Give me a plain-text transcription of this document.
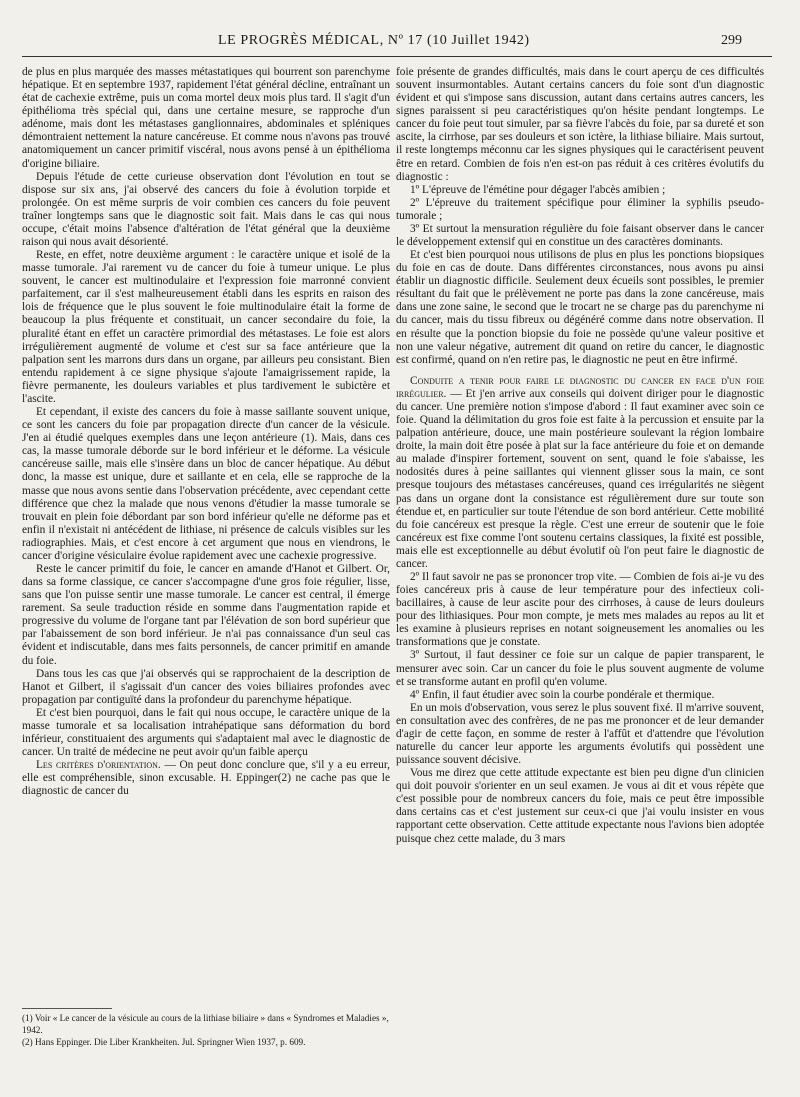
LE PROGRÈS MÉDICAL, Nº 17 (10 Juillet 1942)	299

de plus en plus marquée des masses métastatiques qui bourrent son parenchyme hépatique. Et en septembre 1937, rapidement l'état général décline, entraînant un état de cachexie extrême, puis un coma mortel deux mois plus tard. Il s'agit d'un épithélioma très spécial qui, dans une certaine mesure, se rapproche d'un adénome, mais dont les métastases ganglionnaires, abdominales et spléniques démontraient nettement la nature cancéreuse. Et comme nous n'avons pas trouvé anatomiquement un cancer primitif viscéral, nous avons pensé à un épithélioma d'origine biliaire.

Depuis l'étude de cette curieuse observation dont l'évolution en tout se dispose sur six ans, j'ai observé des cancers du foie à évolution torpide et prolongée. On est même surpris de voir combien ces cancers du foie peuvent traîner longtemps sans que le diagnostic soit fait. Mais dans le cas qui nous occupe, c'était moins l'absence d'altération de l'état général que la deuxième raison qui nous avait désorienté.

Reste, en effet, notre deuxième argument : le caractère unique et isolé de la masse tumorale. J'ai rarement vu de cancer du foie à tumeur unique. Le plus souvent, le cancer est multinodulaire et l'expression foie marronné convient parfaitement, car il s'est malheureusement établi dans les esprits en raison des lois de fréquence que le plus souvent le foie multinodulaire était la forme de beaucoup la plus fréquente et constituait, un cancer secondaire du foie, la pluralité étant en effet un caractère primordial des métastases. Le foie est alors irrégulièrement augmenté de volume et c'est sur sa face antérieure que la palpation sent les marrons durs dans un organe, par ailleurs peu consistant. Bien entendu rapidement à ce signe physique s'ajoute l'amaigrissement rapide, la fièvre permanente, les douleurs variables et plus tardivement le subictère et l'ascite.

Et cependant, il existe des cancers du foie à masse saillante souvent unique, ce sont les cancers du foie par propagation directe d'un cancer de la vésicule. J'en ai étudié quelques exemples dans une leçon antérieure (1). Mais, dans ces cas, la masse tumorale déborde sur le bord inférieur et le déforme. La vésicule cancéreuse saille, mais elle s'insère dans un bloc de cancer hépatique. Au début donc, la masse est unique, dure et saillante et en cela, elle se rapproche de la masse que nous avons sentie dans l'observation précédente, avec cependant cette différence que chez la malade que nous venons d'étudier la masse tumorale se trouvait en plein foie débordant par son bord inférieur qu'elle ne déforme pas et enfin il n'existait ni antécédent de lithiase, ni présence de calculs visibles sur les radiographies. Mais, et c'est encore à cet argument que nous en viendrons, le cancer d'origine vésiculaire évolue rapidement avec une cachexie progressive.

Reste le cancer primitif du foie, le cancer en amande d'Hanot et Gilbert. Or, dans sa forme classique, ce cancer s'accompagne d'une gros foie régulier, lisse, sans que l'on puisse sentir une masse tumorale. Le cancer est central, il émerge rarement. Sa seule traduction réside en somme dans l'augmentation rapide et progressive du volume de l'organe tant par l'élévation de son bord supérieur que par l'abaissement de son bord inférieur. Je n'ai pas connaissance d'un seul cas évident et indiscutable, dans mes faits personnels, de cancer primitif en amande du foie.

Dans tous les cas que j'ai observés qui se rapprochaient de la description de Hanot et Gilbert, il s'agissait d'un cancer des voies biliaires profondes avec propagation par contiguïté dans la profondeur du parenchyme hépatique.

Et c'est bien pourquoi, dans le fait qui nous occupe, le caractère unique de la masse tumorale et sa localisation intrahépatique sans déformation du bord inférieur, constituaient des arguments qui s'adaptaient mal avec le diagnostic de cancer. Un traité de médecine ne peut avoir qu'un faible aperçu

Les critères d'orientation. — On peut donc conclure que, s'il y a eu erreur, elle est compréhensible, sinon excusable. H. Eppinger(2) ne cache pas que le diagnostic de cancer du

(1) Voir « Le cancer de la vésicule au cours de la lithiase biliaire » dans « Syndromes et Maladies », 1942.

(2) Hans Eppinger. Die Liber Krankheiten. Jul. Springner Wien 1937, p. 609.

foie présente de grandes difficultés, mais dans le court aperçu de ces difficultés souvent insurmontables. Autant certains cancers du foie sont d'un diagnostic évident et qui s'impose sans discussion, autant dans certains autres cancers, les signes paraissent si peu caractéristiques qu'on hésite pendant longtemps. Le cancer du foie peut tout simuler, par sa fièvre l'abcès du foie, par sa dureté et son ascite, la cirrhose, par ses douleurs et son ictère, la lithiase biliaire. Mais surtout, il reste longtemps méconnu car les signes physiques qui le caractérisent peuvent être en retard. Combien de fois n'en est-on pas réduit à ces critères évolutifs du diagnostic :

1º L'épreuve de l'émétine pour dégager l'abcès amibien ;

2º L'épreuve du traitement spécifique pour éliminer la syphilis pseudo-tumorale ;

3º Et surtout la mensuration régulière du foie faisant observer dans le cancer le développement extensif qui en constitue un des caractères dominants.

Et c'est bien pourquoi nous utilisons de plus en plus les ponctions biopsiques du foie en cas de doute. Dans différentes circonstances, nous avons pu ainsi établir un diagnostic difficile. Seulement deux écueils sont possibles, le premier résultant du fait que le prélèvement ne porte pas dans la zone cancéreuse, mais dans une zone saine, le second que le trocart ne se charge pas du parenchyme ni du cancer, mais du tissu fibreux ou dégénéré comme dans notre observation. Il en résulte que la ponction biopsie du foie ne possède qu'une valeur positive et non une valeur négative, autrement dit quand on retire du cancer, le diagnostic est confirmé, quand on n'en retire pas, le diagnostic ne peut en être infirmé.

Conduite a tenir pour faire le diagnostic du cancer en face d'un foie irrégulier. — Et j'en arrive aux conseils qui doivent diriger pour le diagnostic du cancer. Une première notion s'impose d'abord : Il faut examiner avec soin ce foie. Quand la délimitation du gros foie est faite à la percussion et ensuite par la palpation antérieure, douce, une main postérieure soulevant la région lombaire droite, la main doit être posée à plat sur la face antérieure du foie et on demande au malade d'inspirer fortement, souvent on sent, quand le foie s'abaisse, les nodosités dures à peine saillantes qui viennent glisser sous la main, ce sont presque toujours des métastases cancéreuses, quand ces irrégularités ne siègent pas dans un organe dont la consistance est régulièrement dure sur toute son étendue et, en particulier sur toute l'étendue de son bord antérieur. Cette mobilité du foie cancéreux est presque la règle. C'est une erreur de soutenir que le foie cancéreux est fixe comme l'ont soutenu certains classiques, la fixité est possible, mais elle est exceptionnelle au début évolutif où l'on peut faire le diagnostic de cancer.

2º Il faut savoir ne pas se prononcer trop vite. — Combien de fois ai-je vu des foies cancéreux pris à cause de leur température pour des infectieux coli-bacillaires, à cause de leur ascite pour des cirrhoses, à cause de leurs douleurs pour des lithiasiques. Pour mon compte, je mets mes malades au repos au lit et les examine à plusieurs reprises en notant soigneusement les anomalies ou les transformations que je constate.

3º Surtout, il faut dessiner ce foie sur un calque de papier transparent, le mensurer avec soin. Car un cancer du foie le plus souvent augmente de volume et se transforme autant en profil qu'en volume.

4º Enfin, il faut étudier avec soin la courbe pondérale et thermique.

En un mois d'observation, vous serez le plus souvent fixé. Il m'arrive souvent, en consultation avec des confrères, de ne pas me prononcer et de leur demander d'agir de cette façon, en somme de rester à l'affût et d'attendre que l'évolution naturelle du cancer leur apporte les arguments évolutifs qui possèdent une puissance souvent décisive.

Vous me direz que cette attitude expectante est bien peu digne d'un clinicien qui doit pouvoir s'orienter en un seul examen. Je vous ai dit et vous répète que c'est possible pour de nombreux cancers du foie, mais ce peut être impossible dans certains cas et c'est justement sur ceux-ci que j'ai voulu insister en vous rapportant cette observation. Cette attitude expectante nous l'avions bien adoptée puisque chez cette malade, du 3 mars
